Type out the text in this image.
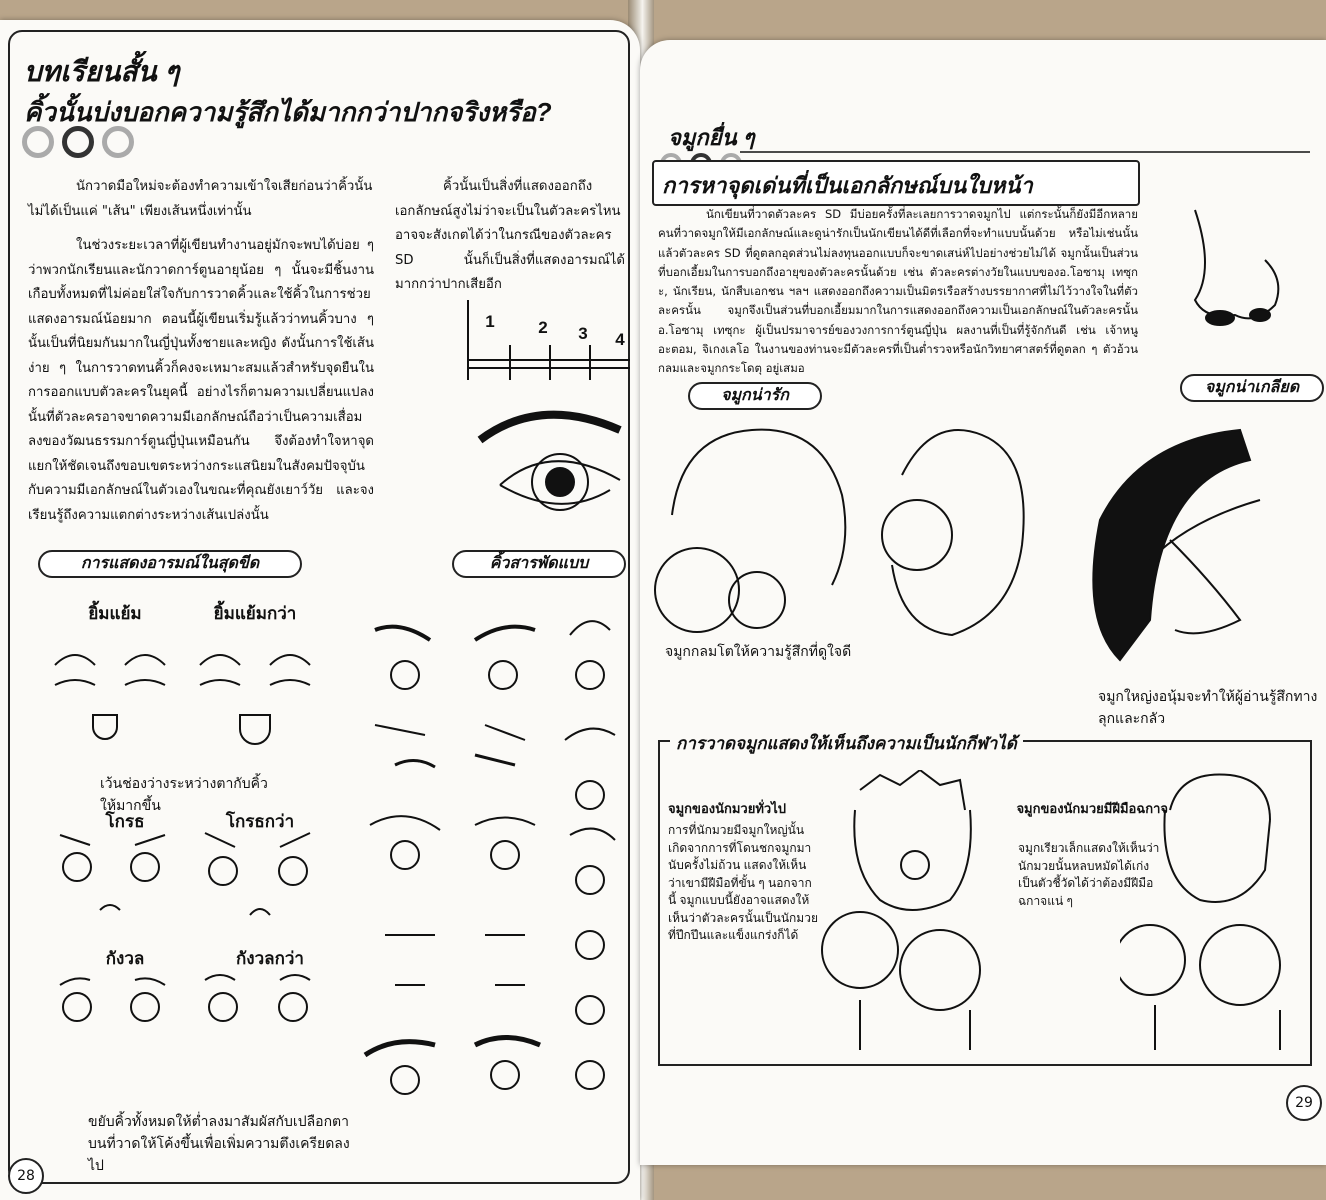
บทเรียนสั้น ๆ
คิ้วนั้นบ่งบอกความรู้สึกได้มากกว่าปากจริงหรือ?

นักวาดมือใหม่จะต้องทำความเข้าใจเสียก่อนว่าคิ้วนั้นไม่ได้เป็นแค่ "เส้น" เพียงเส้นหนึ่งเท่านั้น

ในช่วงระยะเวลาที่ผู้เขียนทำงานอยู่มักจะพบได้บ่อย ๆ ว่าพวกนักเรียนและนักวาดการ์ตูนอายุน้อย ๆ นั้นจะมีชิ้นงานเกือบทั้งหมดที่ไม่ค่อยใส่ใจกับการวาดคิ้วและใช้คิ้วในการช่วยแสดงอารมณ์น้อยมาก ตอนนี้ผู้เขียนเริ่มรู้แล้วว่าทนคิ้วบาง ๆ นั้นเป็นที่นิยมกันมากในญี่ปุ่นทั้งชายและหญิง ดังนั้นการใช้เส้นง่าย ๆ ในการวาดทนคิ้วก็คงจะเหมาะสมแล้วสำหรับจุดยืนในการออกแบบตัวละครในยุคนี้ อย่างไรก็ตามความเปลี่ยนแปลงนั้นที่ตัวละครอาจขาดความมีเอกลักษณ์ถือว่าเป็นความเสื่อมลงของวัฒนธรรมการ์ตูนญี่ปุ่นเหมือนกัน จึงต้องทำใจหาจุดแยกให้ชัดเจนถึงขอบเขตระหว่างกระแสนิยมในสังคมปัจจุบัน กับความมีเอกลักษณ์ในตัวเองในขณะที่คุณยังเยาว์วัย และจงเรียนรู้ถึงความแตกต่างระหว่างเส้นเปล่งนั้น

คิ้วนั้นเป็นสิ่งที่แสดงออกถึงเอกลักษณ์สูงไม่ว่าจะเป็นในตัวละครไหน อาจจะสังเกตได้ว่าในกรณีของตัวละคร SD นั้นก็เป็นสิ่งที่แสดงอารมณ์ได้มากกว่าปากเสียอีก

1	2	3	4
การแสดงอารมณ์ในสุดขีด	คิ้วสารพัดแบบ
ยิ้มแย้ม	ยิ้มแย้มกว่า
โกรธ	โกรธกว่า
กังวล	กังวลกว่า
เว้นช่องว่างระหว่างตากับคิ้วให้มากขึ้น
ขยับคิ้วทั้งหมดให้ต่ำลงมาสัมผัสกับเปลือกตาบนที่วาดให้โค้งขึ้นเพื่อเพิ่มความตึงเครียดลงไป
28
จมูกยื่น ๆ
การหาจุดเด่นที่เป็นเอกลักษณ์บนใบหน้า

นักเขียนที่วาดตัวละคร SD มีบ่อยครั้งที่ละเลยการวาดจมูกไป แต่กระนั้นก็ยังมีอีกหลายคนที่วาดจมูกให้มีเอกลักษณ์และดูน่ารักเป็นนักเขียนได้ดีที่เลือกที่จะทำแบบนั้นด้วย หรือไม่เช่นนั้นแล้วตัวละคร SD ที่ดูตลกอุดส่วนไม่ลงทุนออกแบบก็จะขาดเสน่ห์ไปอย่างช่วยไม่ได้ จมูกนั้นเป็นส่วนที่บอกเอี้ยมในการบอกถึงอายุของตัวละครนั้นด้วย เช่น ตัวละครต่างวัยในแบบของอ.โอซามุ เทซุกะ, นักเรียน, นักสืบเอกชน ฯลฯ แสดงออกถึงความเป็นมิตรเรือสร้างบรรยากาศที่ไม่ไว้วางใจในที่ตัวละครนั้น จมูกจึงเป็นส่วนที่บอกเอี้ยมมากในการแสดงออกถึงความเป็นเอกลักษณ์ในตัวละครนั้น อ.โอซามุ เทซุกะ ผู้เป็นปรมาจารย์ของวงการการ์ตูนญี่ปุ่น ผลงานที่เป็นที่รู้จักกันดี เช่น เจ้าหนูอะตอม, จิเกงเลโอ ในงานของท่านจะมีตัวละครที่เป็นต่ำรวจหรือนักวิทยาศาสตร์ที่ดูตลก ๆ ตัวอ้วนกลมและจมูกกระโดตุ อยู่เสมอ

จมูกน่ารัก	จมูกน่าเกลียด
จมูกกลมโตให้ความรู้สึกที่ดูใจดี
จมูกใหญ่งอนุ้มจะทำให้ผู้อ่านรู้สึกทางลุกและกลัว
การวาดจมูกแสดงให้เห็นถึงความเป็นนักกีฬาได้
จมูกของนักมวยทั่วไป
การที่นักมวยมีจมูกใหญ่นั้นเกิดจากการที่โดนชกจมูกมานับครั้งไม่ถ้วน แสดงให้เห็นว่าเขามีฝีมือที่ขั้น ๆ นอกจากนี้ จมูกแบบนี้ยังอาจแสดงให้เห็นว่าตัวละครนั้นเป็นนักมวยที่ปึกปึนและแข็งแกร่งก็ได้
จมูกของนักมวยมีฝีมือฉกาจ
จมูกเรียวเล็กแสดงให้เห็นว่านักมวยนั้นหลบหมัดได้เก่งเป็นตัวชี้วัดได้ว่าต้องมีฝีมือฉกาจแน่ ๆ
29
